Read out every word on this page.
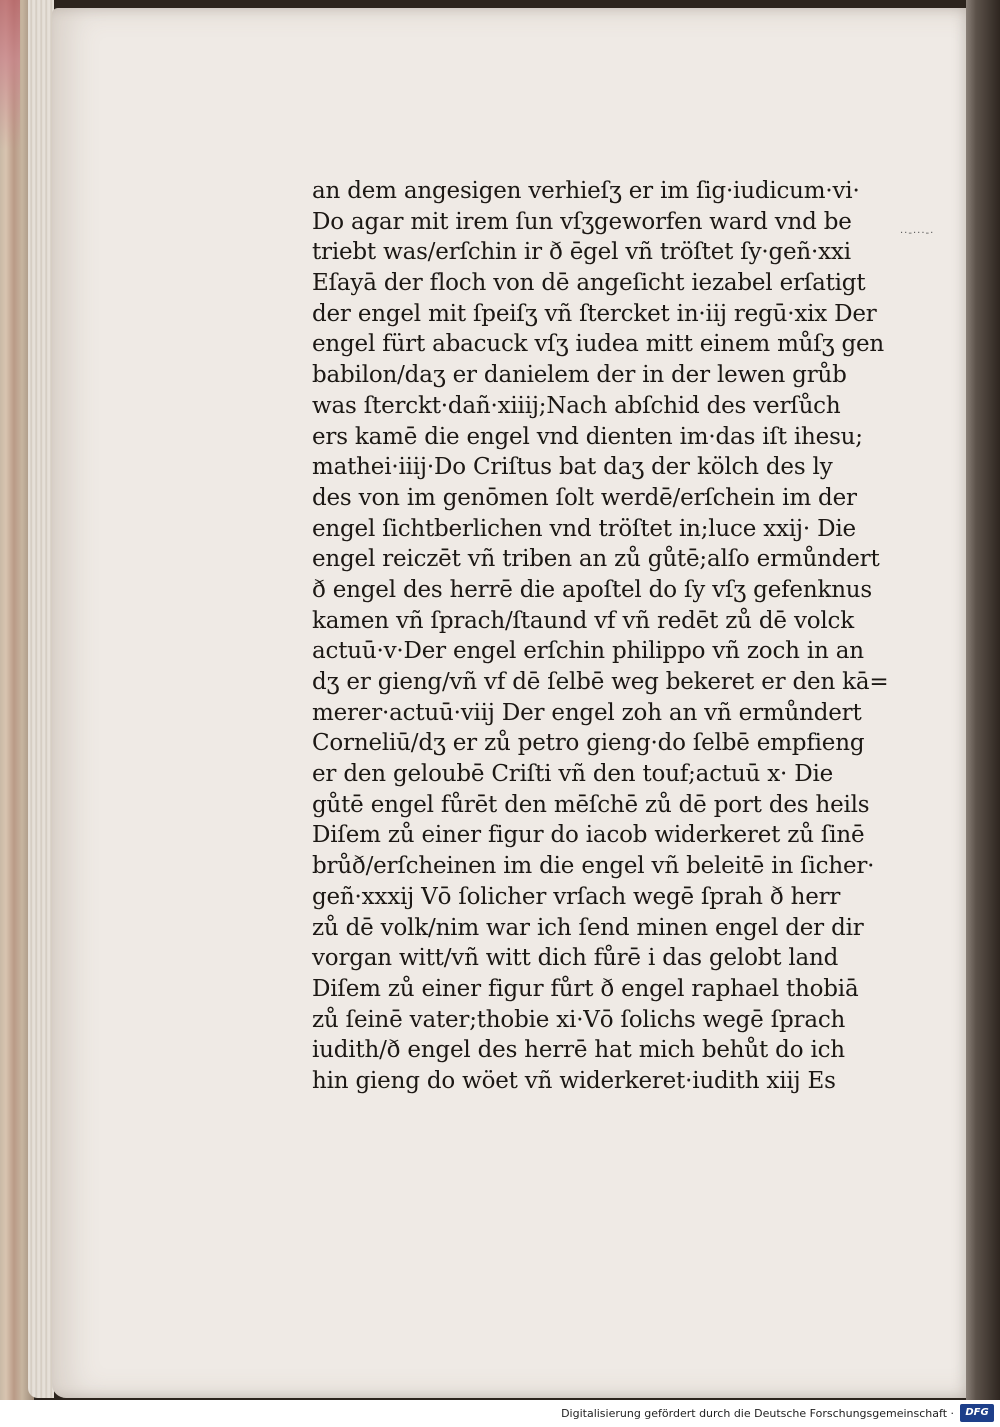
··-···-·
an dem angesigen verhieſʒ er im ſig·iudicum·vi·
Do agar mit irem ſun vſʒgeworfen ward vnd be
triebt was/erſchin ir ð ēgel vñ tröſtet ſy·geñ·xxi
Eſayā der floch von dē angeſicht iezabel erſatigt
der engel mit ſpeiſʒ vñ ſtercket in·iij regū·xix Der
engel fürt abacuck vſʒ iudea mitt einem můſʒ gen
babilon/daʒ er danielem der in der lewen grůb
was ſterckt·dañ·xiiij;Nach abſchid des verſůch
ers kamē die engel vnd dienten im·das iſt ihesu;
mathei·iiij·Do Criſtus bat daʒ der kölch des ly
des von im genōmen ſolt werdē/erſchein im der
engel ſichtberlichen vnd tröſtet in;luce xxij· Die
engel reiczēt vñ triben an zů gůtē;alſo ermůndert
ð engel des herrē die apoſtel do ſy vſʒ gefenknus
kamen vñ ſprach/ſtaund vf vñ redēt zů dē volck
actuū·v·Der engel erſchin philippo vñ zoch in an
dʒ er gieng/vñ vf dē ſelbē weg bekeret er den kā=
merer·actuū·viij Der engel zoh an vñ ermůndert
Corneliū/dʒ er zů petro gieng·do ſelbē empfieng
er den geloubē Criſti vñ den touf;actuū x· Die
gůtē engel fůrēt den mēſchē zů dē port des heils
Diſem zů einer figur do iacob widerkeret zů ſinē
brůð/erſcheinen im die engel vñ beleitē in ſicher·
geñ·xxxij Vō ſolicher vrſach wegē ſprah ð herr
zů dē volk/nim war ich ſend minen engel der dir
vorgan witt/vñ witt dich fůrē i das gelobt land
Diſem zů einer figur fůrt ð engel raphael thobiā
zů ſeinē vater;thobie xi·Vō ſolichs wegē ſprach
iudith/ð engel des herrē hat mich behůt do ich
hin gieng do wöet vñ widerkeret·iudith xiij Es
Digitalisierung gefördert durch die Deutsche Forschungsgemeinschaft ·	DFG
